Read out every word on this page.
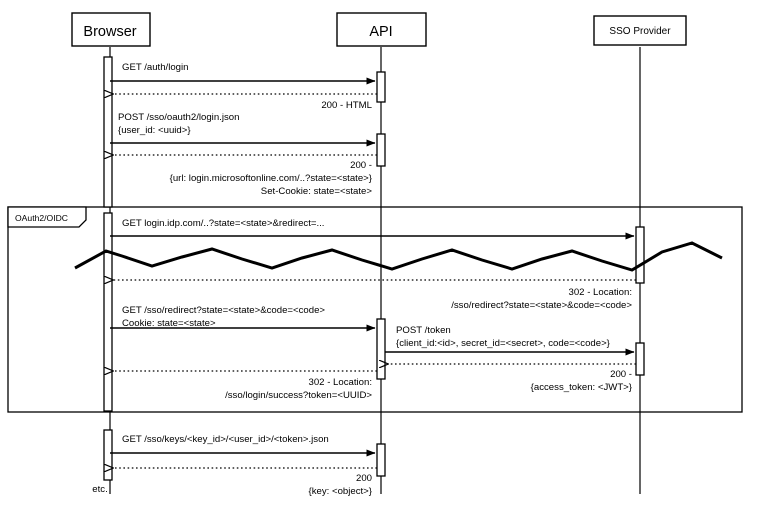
Browser	API	SSO Provider
OAuth2/OIDC
etc.
GET /auth/login
200 - HTML
POST /sso/oauth2/login.json
{user_id: <uuid>}
200 -
{url: login.microsoftonline.com/..?state=<state>}
Set-Cookie: state=<state>
GET login.idp.com/..?state=<state>&redirect=...
302 - Location:
/sso/redirect?state=<state>&code=<code>
GET /sso/redirect?state=<state>&code=<code>
Cookie: state=<state>
POST /token
{client_id:<id>, secret_id=<secret>, code=<code>}
200 -
{access_token: <JWT>}
302 - Location:
/sso/login/success?token=<UUID>
GET /sso/keys/<key_id>/<user_id>/<token>.json
200
{key: <object>}
